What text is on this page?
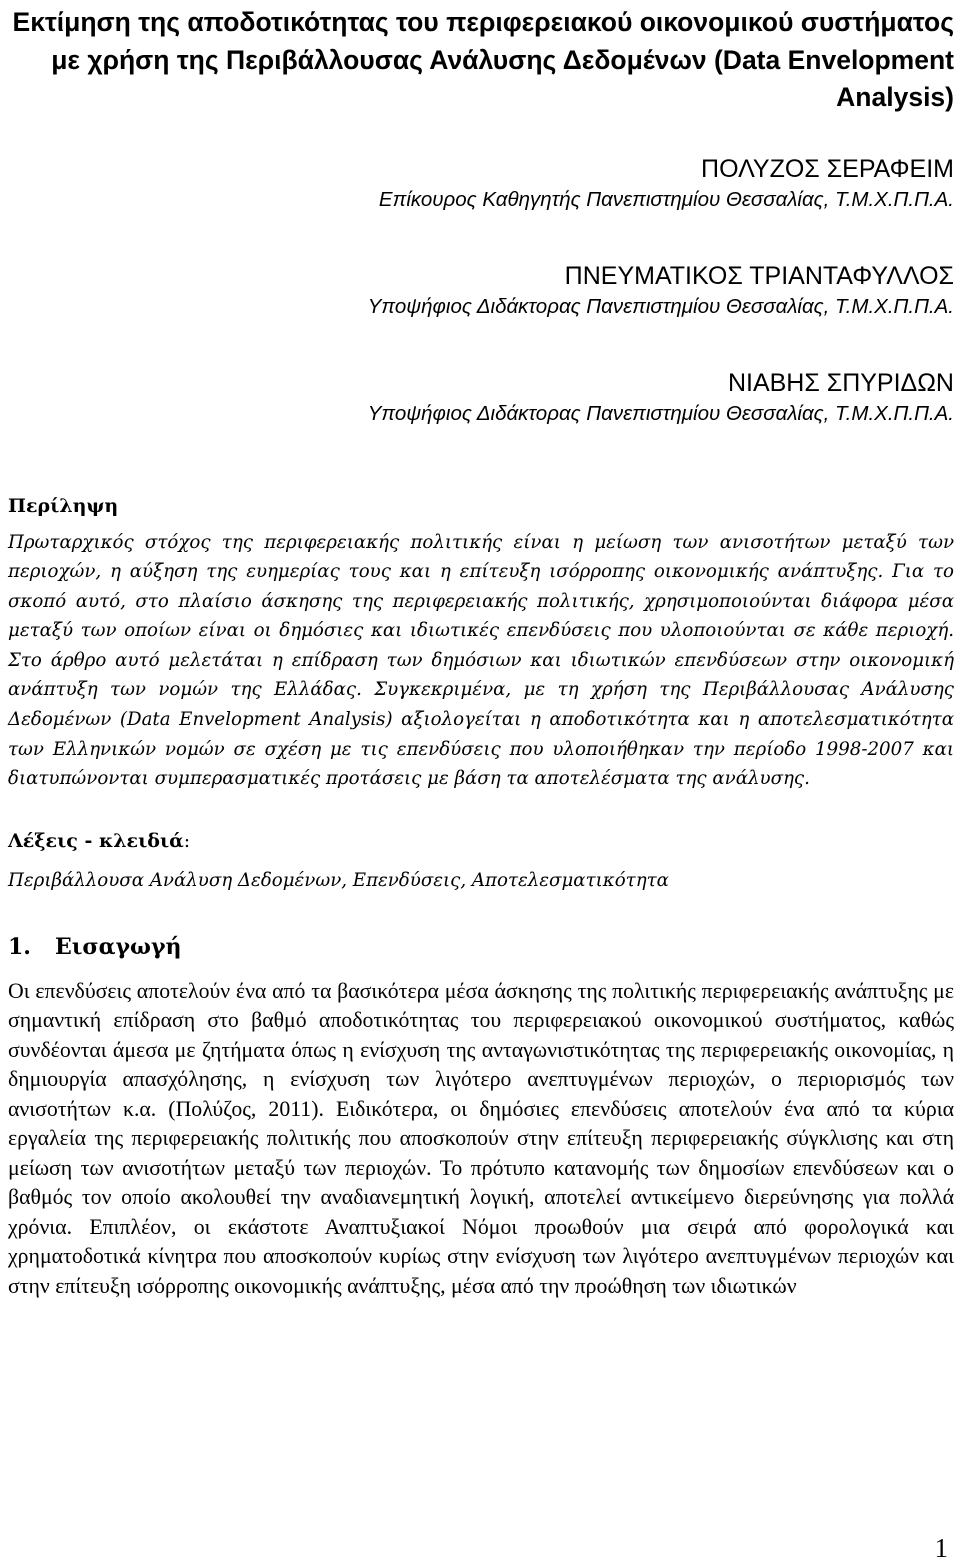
Εκτίμηση της αποδοτικότητας του περιφερειακού οικονομικού συστήματος με χρήση της Περιβάλλουσας Ανάλυσης Δεδομένων (Data Envelopment Analysis)
ΠΟΛΥΖΟΣ ΣΕΡΑΦΕΙΜ
Επίκουρος Καθηγητής Πανεπιστημίου Θεσσαλίας, Τ.Μ.Χ.Π.Π.Α.
ΠΝΕΥΜΑΤΙΚΟΣ ΤΡΙΑΝΤΑΦΥΛΛΟΣ
Υποψήφιος Διδάκτορας Πανεπιστημίου Θεσσαλίας, Τ.Μ.Χ.Π.Π.Α.
ΝΙΑΒΗΣ ΣΠΥΡΙΔΩΝ
Υποψήφιος Διδάκτορας Πανεπιστημίου Θεσσαλίας, Τ.Μ.Χ.Π.Π.Α.
Περίληψη

Πρωταρχικός στόχος της περιφερειακής πολιτικής είναι η μείωση των ανισοτήτων μεταξύ των περιοχών, η αύξηση της ευημερίας τους και η επίτευξη ισόρροπης οικονομικής ανάπτυξης. Για το σκοπό αυτό, στο πλαίσιο άσκησης της περιφερειακής πολιτικής, χρησιμοποιούνται διάφορα μέσα μεταξύ των οποίων είναι οι δημόσιες και ιδιωτικές επενδύσεις που υλοποιούνται σε κάθε περιοχή. Στο άρθρο αυτό μελετάται η επίδραση των δημόσιων και ιδιωτικών επενδύσεων στην οικονομική ανάπτυξη των νομών της Ελλάδας. Συγκεκριμένα, με τη χρήση της Περιβάλλουσας Ανάλυσης Δεδομένων (Data Envelopment Analysis) αξιολογείται η αποδοτικότητα και η αποτελεσματικότητα των Ελληνικών νομών σε σχέση με τις επενδύσεις που υλοποιήθηκαν την περίοδο 1998-2007 και διατυπώνονται συμπερασματικές προτάσεις με βάση τα αποτελέσματα της ανάλυσης.

Λέξεις - κλειδιά:
Περιβάλλουσα Ανάλυση Δεδομένων, Επενδύσεις, Αποτελεσματικότητα
1. Εισαγωγή

Οι επενδύσεις αποτελούν ένα από τα βασικότερα μέσα άσκησης της πολιτικής περιφερειακής ανάπτυξης με σημαντική επίδραση στο βαθμό αποδοτικότητας του περιφερειακού οικονομικού συστήματος, καθώς συνδέονται άμεσα με ζητήματα όπως η ενίσχυση της ανταγωνιστικότητας της περιφερειακής οικονομίας, η δημιουργία απασχόλησης, η ενίσχυση των λιγότερο ανεπτυγμένων περιοχών, ο περιορισμός των ανισοτήτων κ.α. (Πολύζος, 2011). Ειδικότερα, οι δημόσιες επενδύσεις αποτελούν ένα από τα κύρια εργαλεία της περιφερειακής πολιτικής που αποσκοπούν στην επίτευξη περιφερειακής σύγκλισης και στη μείωση των ανισοτήτων μεταξύ των περιοχών. Το πρότυπο κατανομής των δημοσίων επενδύσεων και ο βαθμός τον οποίο ακολουθεί την αναδιανεμητική λογική, αποτελεί αντικείμενο διερεύνησης για πολλά χρόνια. Επιπλέον, οι εκάστοτε Αναπτυξιακοί Νόμοι προωθούν μια σειρά από φορολογικά και χρηματοδοτικά κίνητρα που αποσκοπούν κυρίως στην ενίσχυση των λιγότερο ανεπτυγμένων περιοχών και στην επίτευξη ισόρροπης οικονομικής ανάπτυξης, μέσα από την προώθηση των ιδιωτικών

1
